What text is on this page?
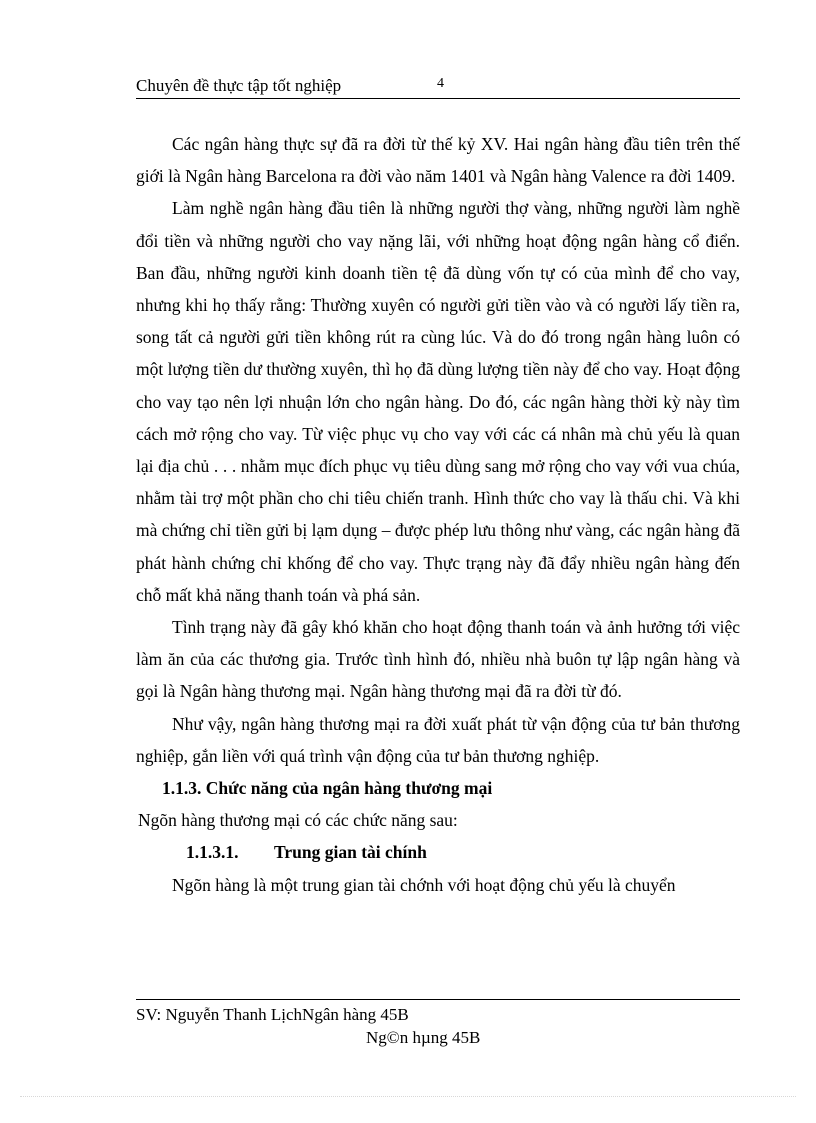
Chuyên đề thực tập tốt nghiệp	4

Các ngân hàng thực sự đã ra đời từ thế kỷ XV. Hai ngân hàng đầu tiên trên thế giới là Ngân hàng Barcelona ra đời vào năm 1401 và Ngân hàng Valence ra đời 1409.

Làm nghề ngân hàng đầu tiên là những người thợ vàng, những người làm nghề đổi tiền và những người cho vay nặng lãi, với những hoạt động ngân hàng cổ điển. Ban đầu, những người kinh doanh tiền tệ đã dùng vốn tự có của mình để cho vay, nhưng khi họ thấy rằng: Thường xuyên có người gửi tiền vào và có người lấy tiền ra, song tất cả người gửi tiền không rút ra cùng lúc. Và do đó trong ngân hàng luôn có một lượng tiền dư thường xuyên, thì họ đã dùng lượng tiền này để cho vay. Hoạt động cho vay tạo nên lợi nhuận lớn cho ngân hàng. Do đó, các ngân hàng thời kỳ này tìm cách mở rộng cho vay. Từ việc phục vụ cho vay với các cá nhân mà chủ yếu là quan lại địa chủ . . . nhằm mục đích phục vụ tiêu dùng sang mở rộng cho vay với vua chúa, nhằm tài trợ một phần cho chi tiêu chiến tranh. Hình thức cho vay là thấu chi. Và khi mà chứng chỉ tiền gửi bị lạm dụng – được phép lưu thông như vàng, các ngân hàng đã phát hành chứng chỉ khống để cho vay. Thực trạng này đã đẩy nhiều ngân hàng đến chỗ mất khả năng thanh toán và phá sản.

Tình trạng này đã gây khó khăn cho hoạt động thanh toán và ảnh hưởng tới việc làm ăn của các thương gia. Trước tình hình đó, nhiều nhà buôn tự lập ngân hàng và gọi là Ngân hàng thương mại. Ngân hàng thương mại đã ra đời từ đó.

Như vậy, ngân hàng thương mại ra đời xuất phát từ vận động của tư bản thương nghiệp, gắn liền với quá trình vận động của tư bản thương nghiệp.

1.1.3. Chức năng của ngân hàng thương mại

Ngõn hàng thương mại có các chức năng sau:

1.1.3.1. Trung gian tài chính

Ngõn hàng là một trung gian tài chớnh với hoạt động chủ yếu là chuyển

SV: Nguyễn Thanh LịchNgân hàng 45B
Ng©n hµng 45B
